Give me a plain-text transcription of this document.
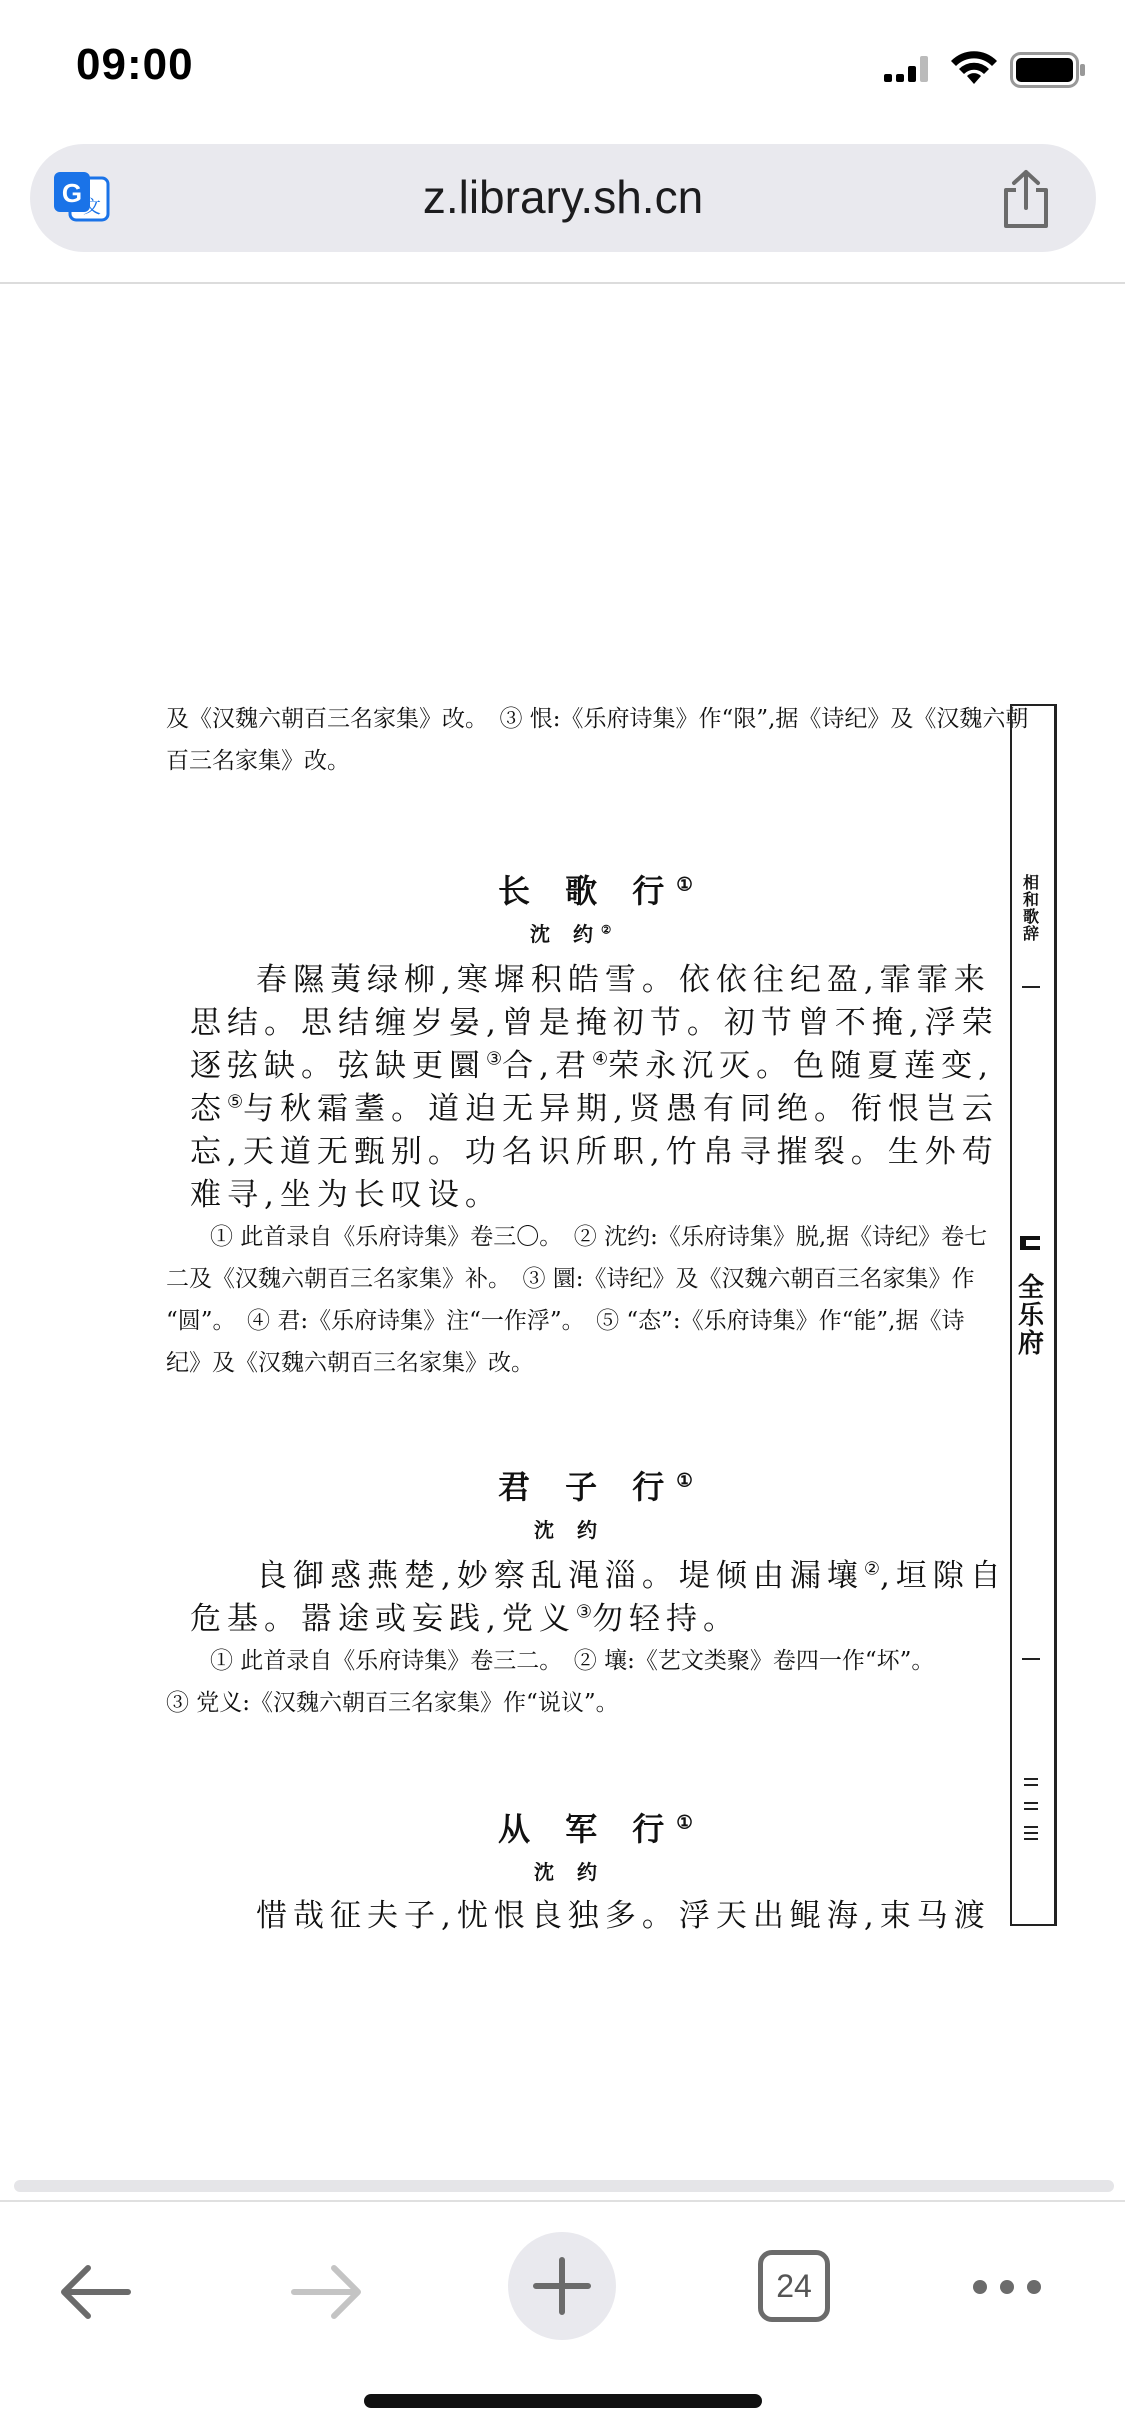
09:00
G 文	z.library.sh.cn
及《汉魏六朝百三名家集》改。　③ 恨:《乐府诗集》作“限”,据《诗纪》及《汉魏六朝
百三名家集》改。
长 歌 行①
沈 约②
春隰荑绿柳,寒墀积皓雪。依依往纪盈,霏霏来
思结。思结缠岁晏,曾是掩初节。初节曾不掩,浮荣
逐弦缺。弦缺更圜③合,君④荣永沉灭。色随夏莲变,
态⑤与秋霜耋。道迫无异期,贤愚有同绝。衔恨岂云
忘,天道无甄别。功名识所职,竹帛寻摧裂。生外苟
难寻,坐为长叹设。
① 此首录自《乐府诗集》卷三〇。　② 沈约:《乐府诗集》脱,据《诗纪》卷七
二及《汉魏六朝百三名家集》补。　③ 圜:《诗纪》及《汉魏六朝百三名家集》作
“圆”。　④ 君:《乐府诗集》注“一作浮”。　⑤ “态”:《乐府诗集》作“能”,据《诗
纪》及《汉魏六朝百三名家集》改。
君 子 行①
沈 约
良御惑燕楚,妙察乱渑淄。堤倾由漏壤②,垣隙自
危基。嚣途或妄践,党义③勿轻持。
① 此首录自《乐府诗集》卷三二。　② 壤:《艺文类聚》卷四一作“坏”。
③ 党义:《汉魏六朝百三名家集》作“说议”。
从 军 行①
沈 约
惜哉征夫子,忧恨良独多。浮天出鲲海,束马渡
相和歌辞
全乐府
24
